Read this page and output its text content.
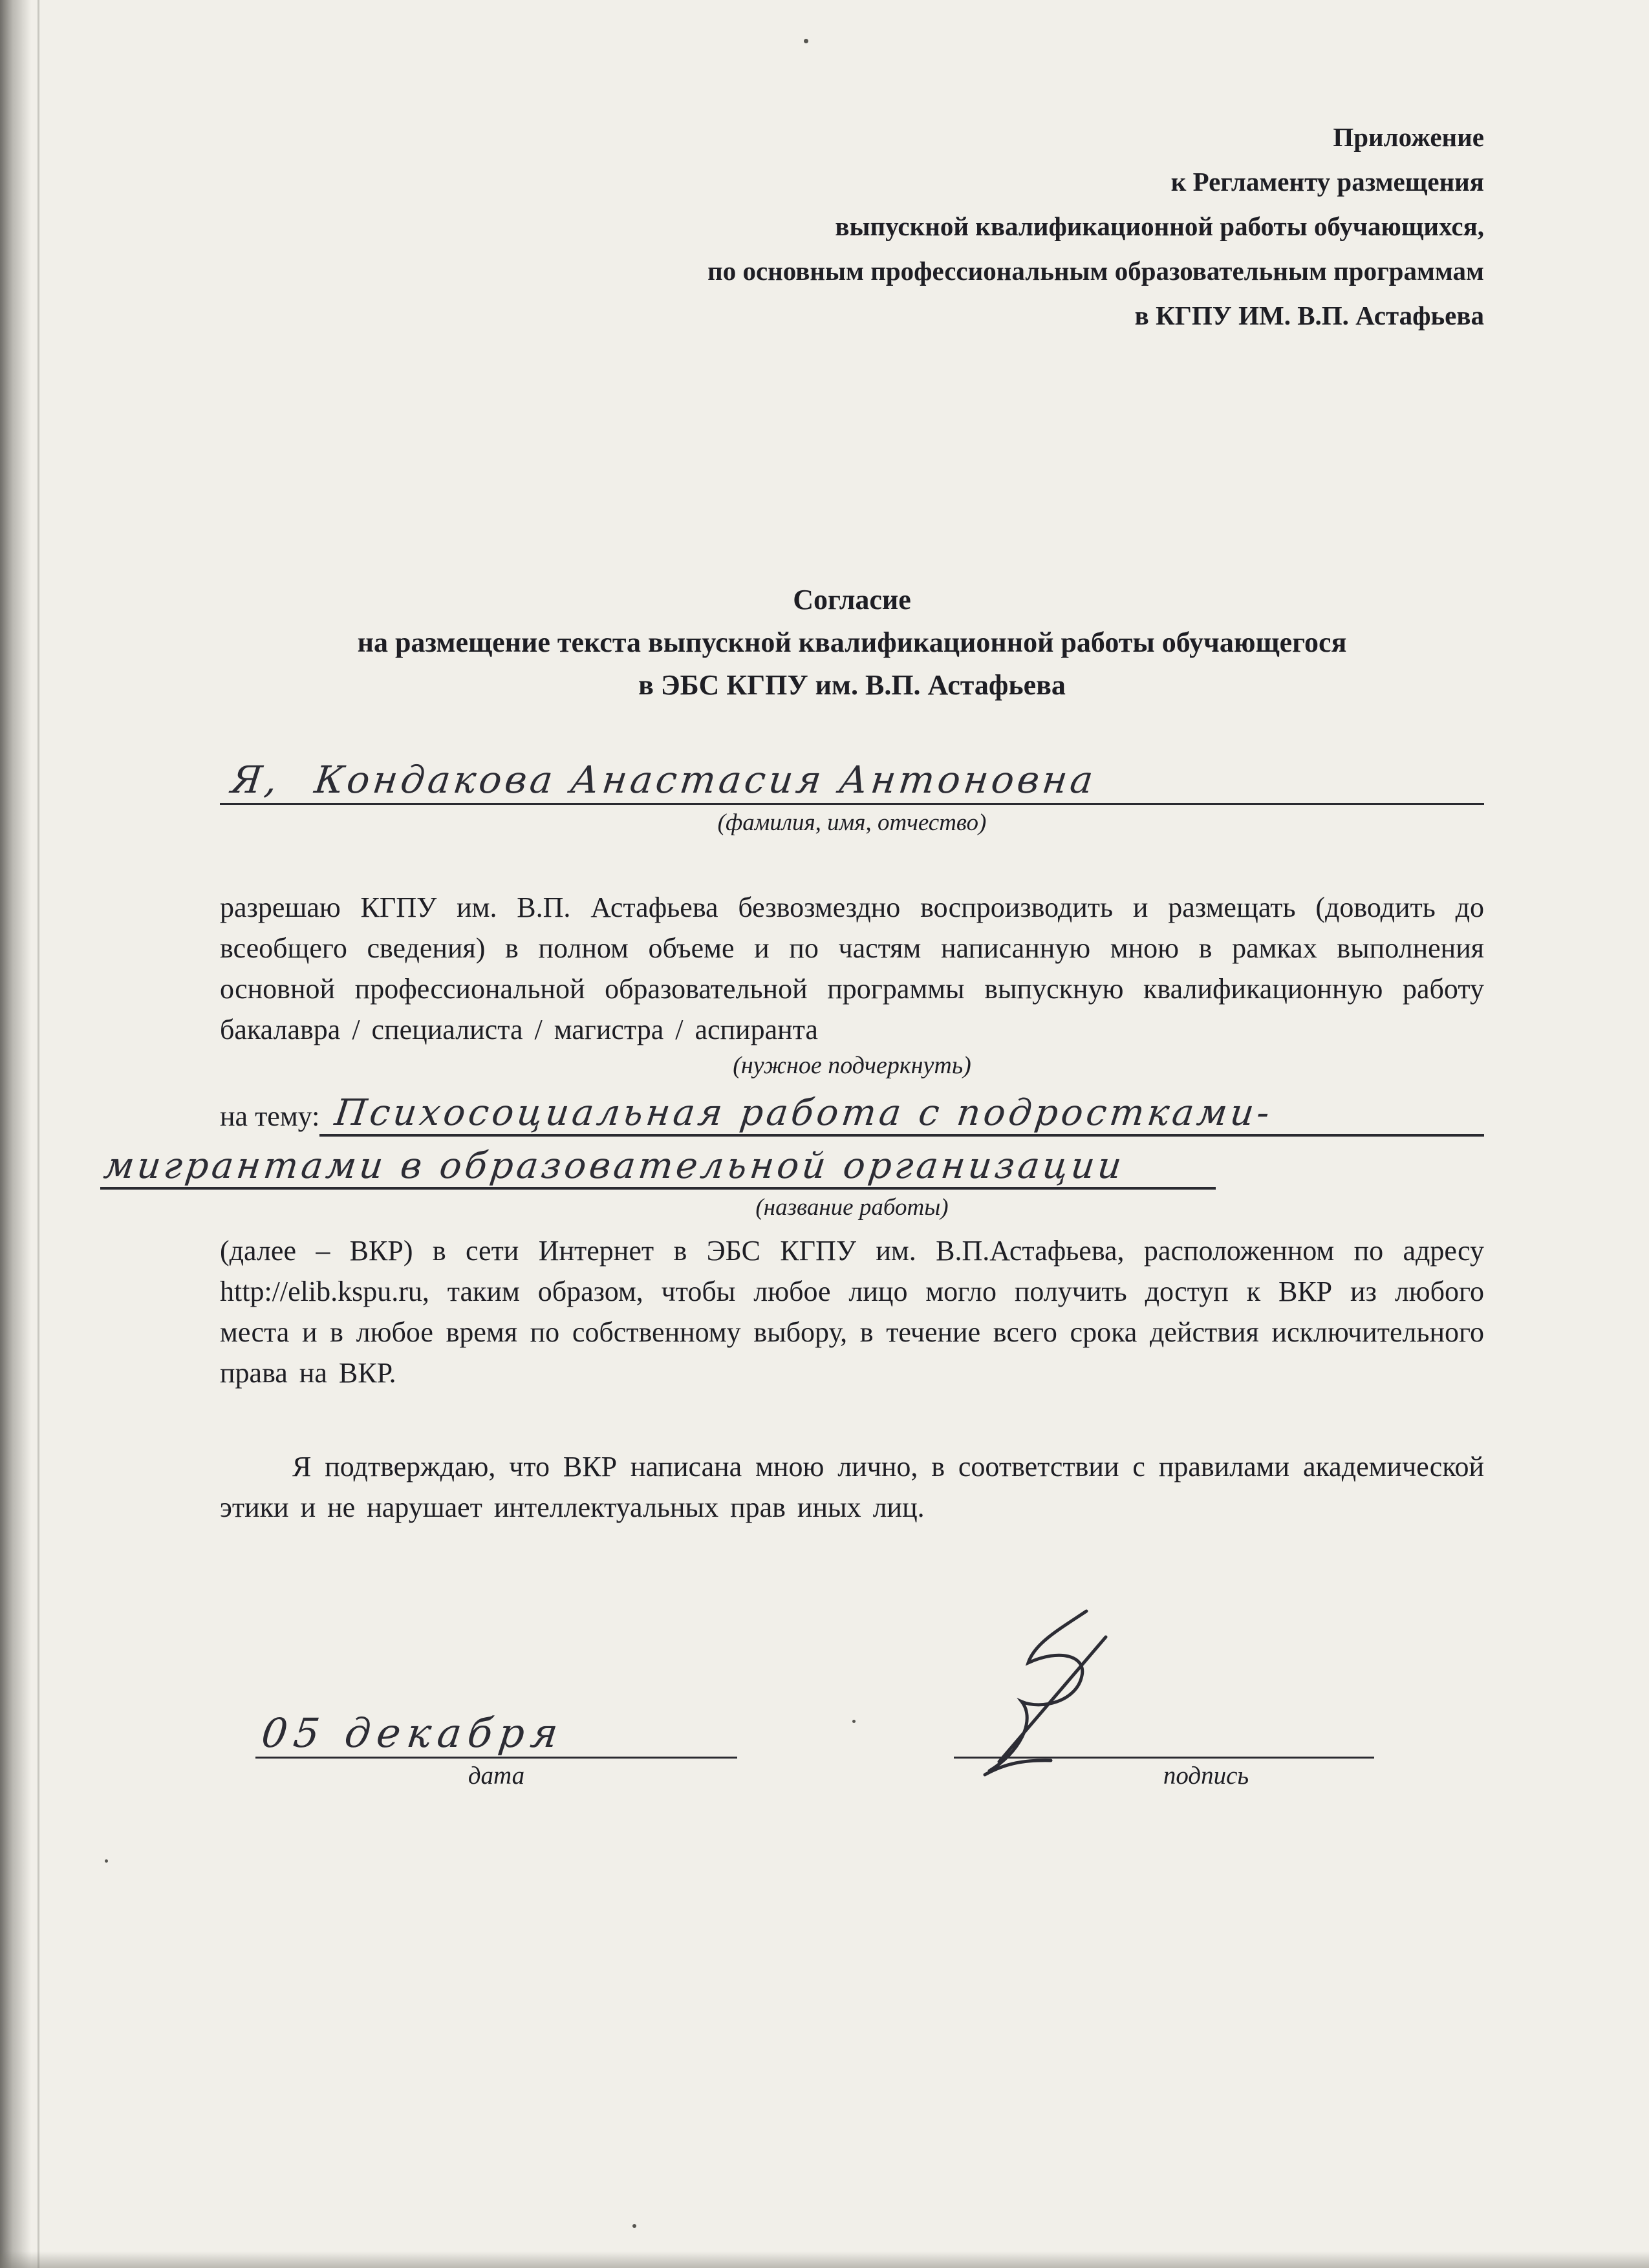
Приложение
к Регламенту размещения
выпускной квалификационной работы обучающихся,
по основным профессиональным образовательным программам
в КГПУ ИМ. В.П. Астафьева
Согласие
на размещение текста выпускной квалификационной работы обучающегося
в ЭБС КГПУ им. В.П. Астафьева
Я, Кондакова Анастасия Антоновна
(фамилия, имя, отчество)
разрешаю КГПУ им. В.П. Астафьева безвозмездно воспроизводить и размещать (доводить до всеобщего сведения) в полном объеме и по частям написанную мною в рамках выполнения основной профессиональной образовательной программы выпускную квалификационную работу бакалавра / специалиста / магистра / аспиранта
(нужное подчеркнуть)
на тему: Психосоциальная работа с подростками-
мигрантами в образовательной организации
(название работы)
(далее – ВКР) в сети Интернет в ЭБС КГПУ им. В.П.Астафьева, расположенном по адресу http://elib.kspu.ru, таким образом, чтобы любое лицо могло получить доступ к ВКР из любого места и в любое время по собственному выбору, в течение всего срока действия исключительного права на ВКР.
Я подтверждаю, что ВКР написана мною лично, в соответствии с правилами академической этики и не нарушает интеллектуальных прав иных лиц.
05 декабря
дата	подпись
